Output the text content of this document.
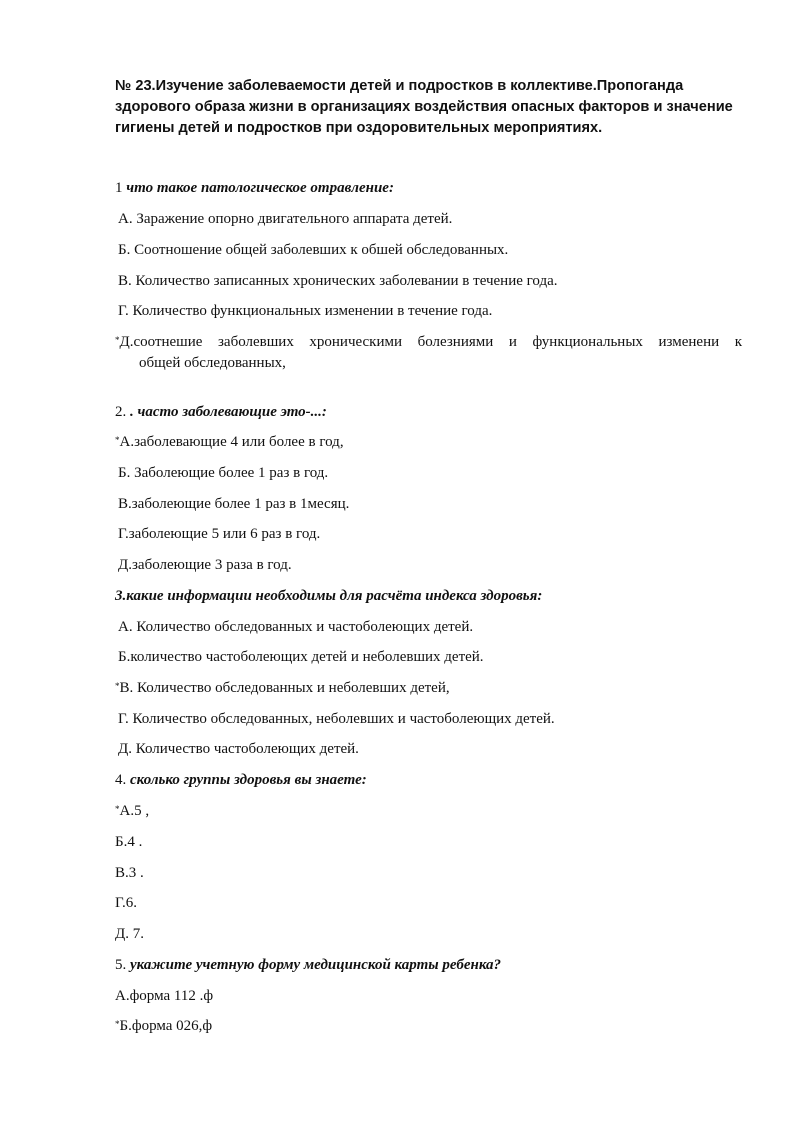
№ 23.Изучение заболеваемости детей и подростков в коллективе.Пропоганда
здорового образа жизни в организациях воздействия опасных факторов и значение
гигиены детей и подростков при оздоровительных мероприятиях.
1 что такое патологическое отравление:
А. Заражение опорно двигательного аппарата детей.
Б. Соотношение общей заболевших к обшей обследованных.
В. Количество записанных хронических заболевании в течение года.
Г. Количество функциональных изменении в течение года.
*Д.соотнешие заболевших хроническими болезниями и функциональных изменени к
общей обследованных,
2. . часто заболевающие это-...:
*А.заболевающие 4 или более в год,
Б. Заболеющие более 1 раз в год.
В.заболеющие более 1 раз в 1месяц.
Г.заболеющие 5 или 6 раз в год.
Д.заболеющие 3 раза в год.
3.какие информации необходимы для расчёта индекса здоровья:
А. Количество обследованных и частоболеющих детей.
Б.количество частоболеющих детей и неболевших детей.
*В. Количество обследованных и неболевших детей,
Г. Количество обследованных, неболевших и частоболеющих детей.
Д. Количество частоболеющих детей.
4. сколько группы здоровья вы знаете:
*А.5 ,
Б.4 .
В.3 .
Г.6.
Д. 7.
5. укажите учетную форму медицинской карты ребенка?
А.форма 112 .ф
*Б.форма 026,ф
